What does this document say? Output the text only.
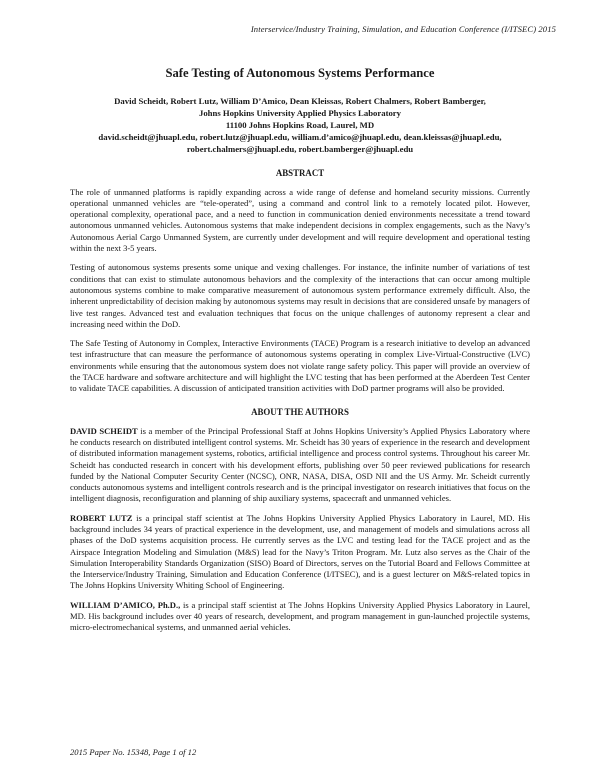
Interservice/Industry Training, Simulation, and Education Conference (I/ITSEC) 2015
Safe Testing of Autonomous Systems Performance
David Scheidt, Robert Lutz, William D’Amico, Dean Kleissas, Robert Chalmers, Robert Bamberger,
Johns Hopkins University Applied Physics Laboratory
11100 Johns Hopkins Road, Laurel, MD
david.scheidt@jhuapl.edu, robert.lutz@jhuapl.edu, william.d’amico@jhuapl.edu, dean.kleissas@jhuapl.edu,
robert.chalmers@jhuapl.edu, robert.bamberger@jhuapl.edu
ABSTRACT

The role of unmanned platforms is rapidly expanding across a wide range of defense and homeland security missions. Currently operational unmanned vehicles are “tele-operated”, using a command and control link to a remotely located pilot. However, operational complexity, operational pace, and a need to function in communication denied environments necessitate a trend toward autonomous unmanned vehicles. Autonomous systems that make independent decisions in complex engagements, such as the Navy’s Autonomous Aerial Cargo Unmanned System, are currently under development and will require development and operational testing within the next 3-5 years.

Testing of autonomous systems presents some unique and vexing challenges. For instance, the infinite number of variations of test conditions that can exist to stimulate autonomous behaviors and the complexity of the interactions that can occur among multiple autonomous systems combine to make comparative measurement of autonomous system performance extremely difficult. Also, the inherent unpredictability of decision making by autonomous systems may result in decisions that are considered unsafe by managers of live test ranges. Advanced test and evaluation techniques that focus on the unique challenges of autonomy represent a clear and increasing need within the DoD.

The Safe Testing of Autonomy in Complex, Interactive Environments (TACE) Program is a research initiative to develop an advanced test infrastructure that can measure the performance of autonomous systems operating in complex Live-Virtual-Constructive (LVC) environments while ensuring that the autonomous system does not violate range safety policy. This paper will provide an overview of the TACE hardware and software architecture and will highlight the LVC testing that has been performed at the Aberdeen Test Center to validate TACE capabilities. A discussion of anticipated transition activities with DoD partner programs will also be provided.

ABOUT THE AUTHORS

DAVID SCHEIDT is a member of the Principal Professional Staff at Johns Hopkins University’s Applied Physics Laboratory where he conducts research on distributed intelligent control systems. Mr. Scheidt has 30 years of experience in the research and development of distributed information management systems, robotics, artificial intelligence and process control systems. Throughout his career Mr. Scheidt has conducted research in concert with his development efforts, publishing over 50 peer reviewed publications for research funded by the National Computer Security Center (NCSC), ONR, NASA, DISA, OSD NII and the US Army. Mr. Scheidt currently conducts autonomous systems and intelligent controls research and is the principal investigator on research initiatives that focus on the intelligent diagnosis, reconfiguration and planning of ship auxiliary systems, spacecraft and unmanned vehicles.

ROBERT LUTZ is a principal staff scientist at The Johns Hopkins University Applied Physics Laboratory in Laurel, MD. His background includes 34 years of practical experience in the development, use, and management of models and simulations across all phases of the DoD systems acquisition process. He currently serves as the LVC and testing lead for the TACE project and as the Airspace Integration Modeling and Simulation (M&S) lead for the Navy’s Triton Program. Mr. Lutz also serves as the Chair of the Simulation Interoperability Standards Organization (SISO) Board of Directors, serves on the Tutorial Board and Fellows Committee at the Interservice/Industry Training, Simulation and Education Conference (I/ITSEC), and is a guest lecturer on M&S-related topics in The Johns Hopkins University Whiting School of Engineering.

WILLIAM D’AMICO, Ph.D., is a principal staff scientist at The Johns Hopkins University Applied Physics Laboratory in Laurel, MD. His background includes over 40 years of research, development, and program management in gun-launched projectile systems, micro-electromechanical systems, and unmanned aerial vehicles.

2015 Paper No. 15348, Page 1 of 12
